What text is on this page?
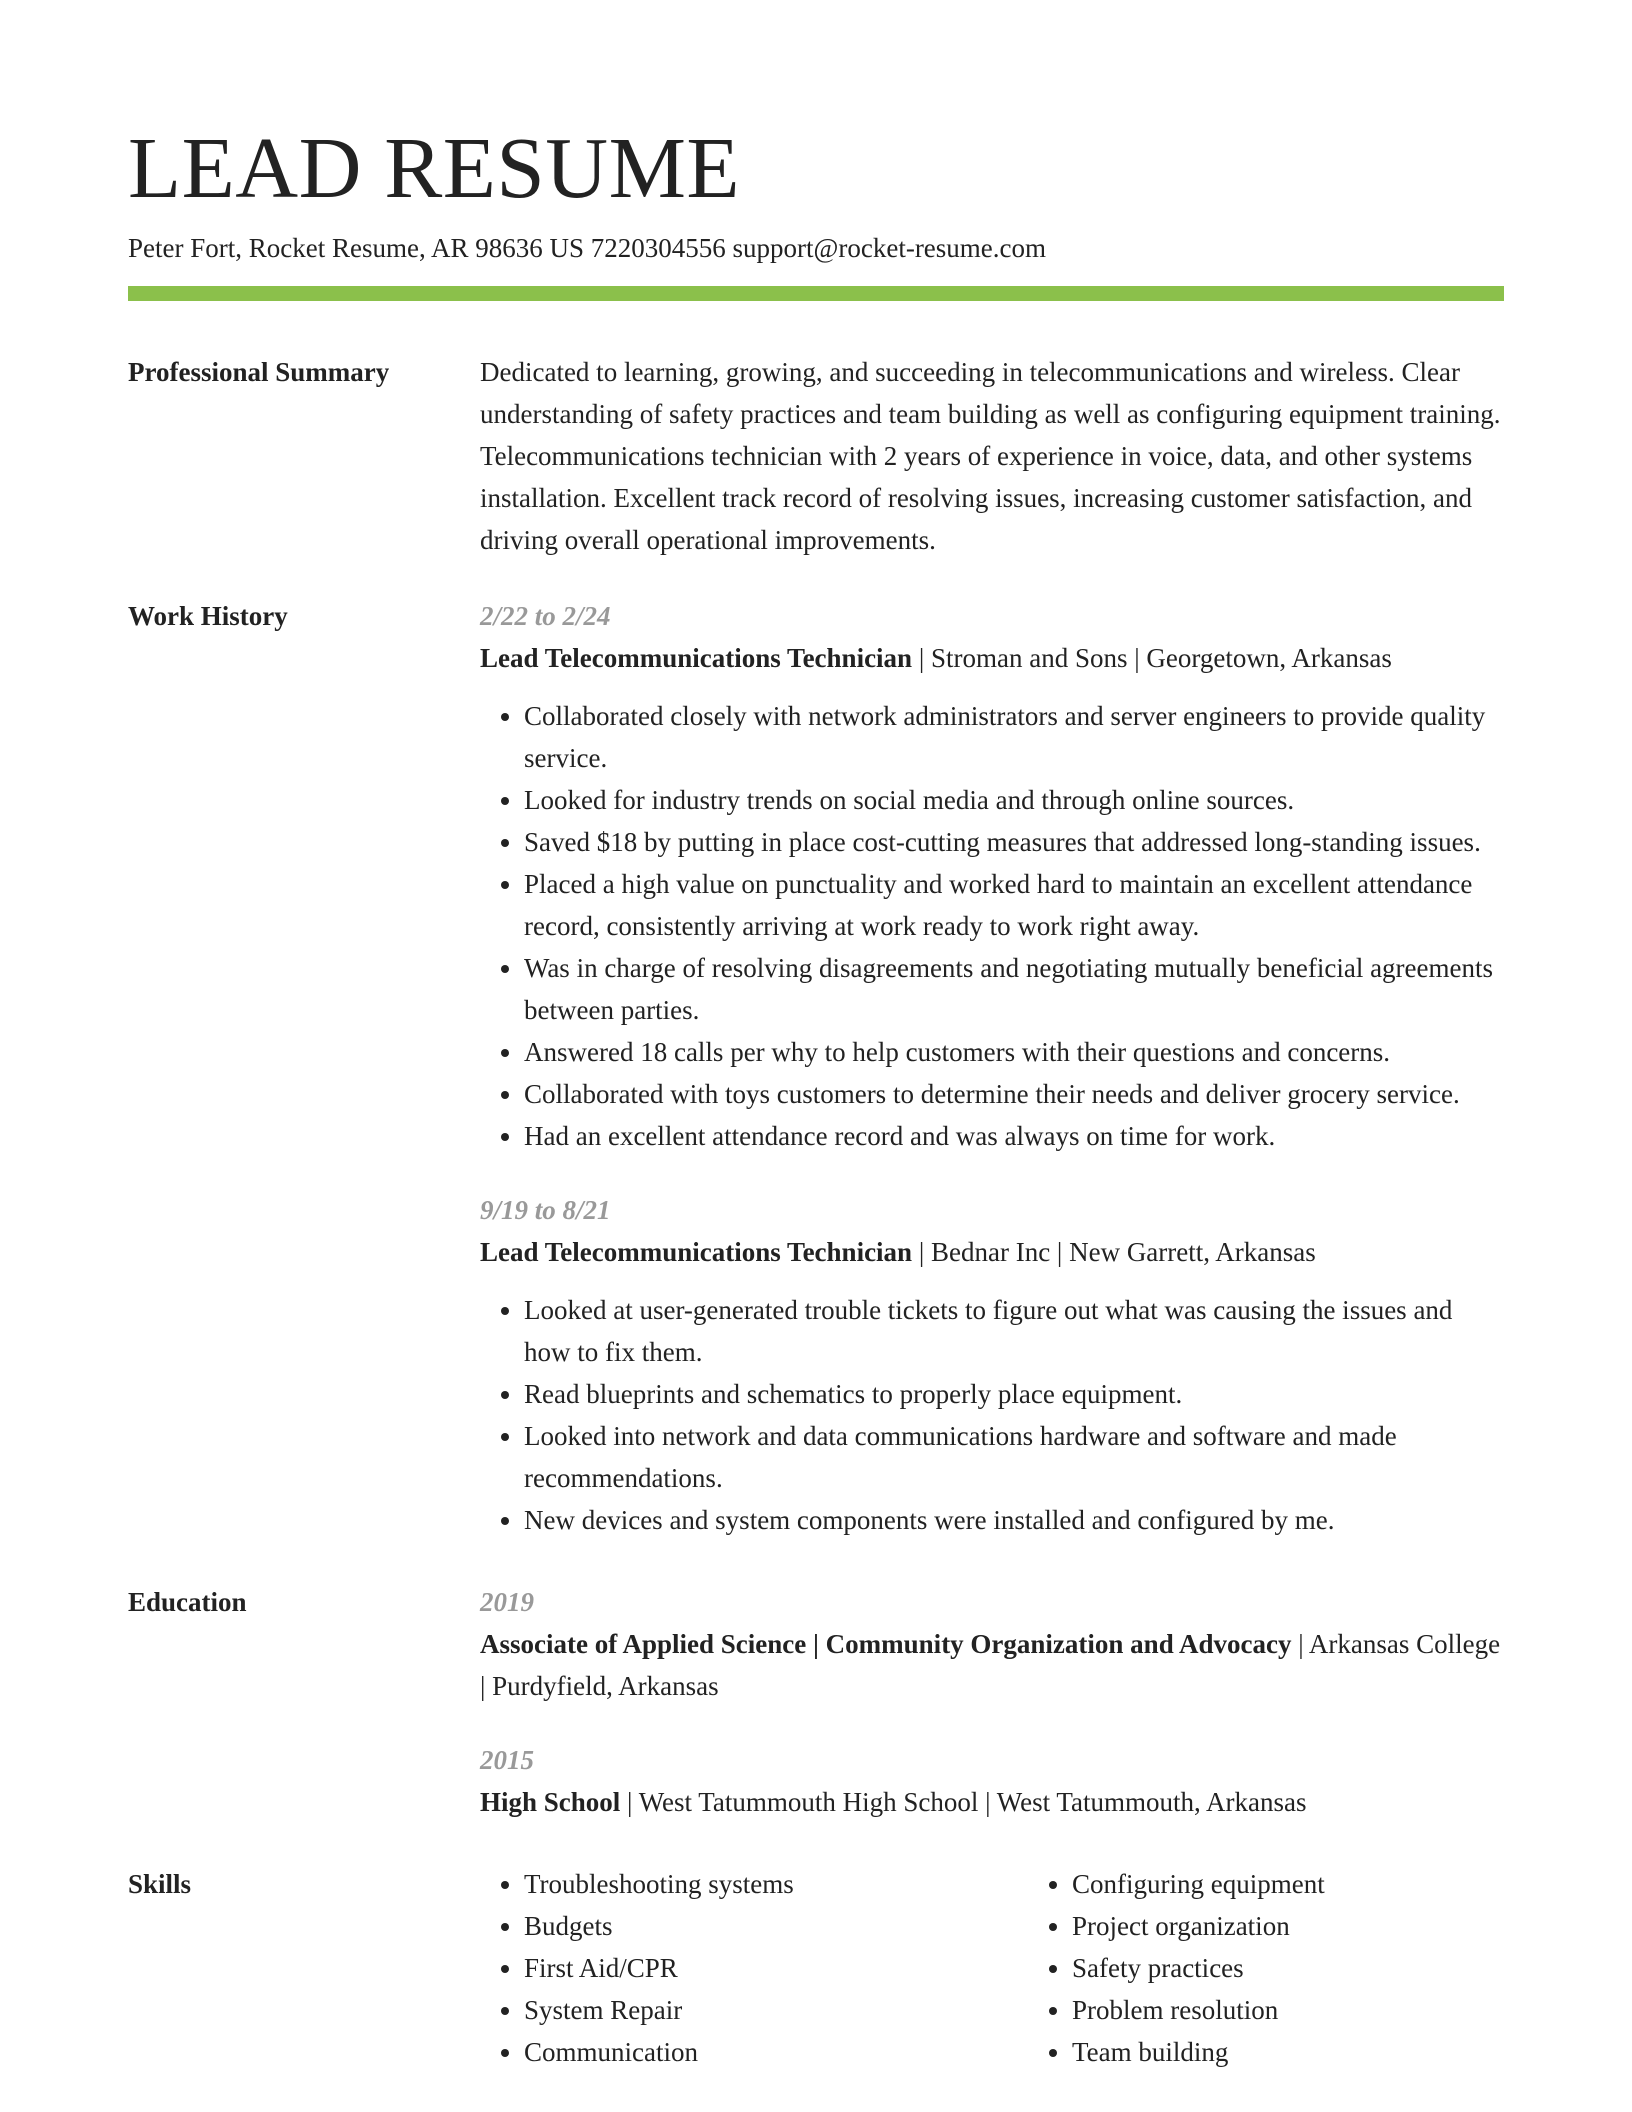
LEAD RESUME
Peter Fort, Rocket Resume, AR 98636 US 7220304556 support@rocket-resume.com
Professional Summary	Dedicated to learning, growing, and succeeding in telecommunications and wireless. Clear understanding of safety practices and team building as well as configuring equipment training. Telecommunications technician with 2 years of experience in voice, data, and other systems installation. Excellent track record of resolving issues, increasing customer satisfaction, and driving overall operational improvements.
Work History	2/22 to 2/24
Lead Telecommunications Technician | Stroman and Sons | Georgetown, Arkansas
• Collaborated closely with network administrators and server engineers to provide quality service.
• Looked for industry trends on social media and through online sources.
• Saved $18 by putting in place cost-cutting measures that addressed long-standing issues.
• Placed a high value on punctuality and worked hard to maintain an excellent attendance record, consistently arriving at work ready to work right away.
• Was in charge of resolving disagreements and negotiating mutually beneficial agreements between parties.
• Answered 18 calls per why to help customers with their questions and concerns.
• Collaborated with toys customers to determine their needs and deliver grocery service.
• Had an excellent attendance record and was always on time for work.
9/19 to 8/21
Lead Telecommunications Technician | Bednar Inc | New Garrett, Arkansas
• Looked at user-generated trouble tickets to figure out what was causing the issues and how to fix them.
• Read blueprints and schematics to properly place equipment.
• Looked into network and data communications hardware and software and made recommendations.
• New devices and system components were installed and configured by me.
Education	2019
Associate of Applied Science | Community Organization and Advocacy | Arkansas College | Purdyfield, Arkansas
2015
High School | West Tatummouth High School | West Tatummouth, Arkansas
Skills
•	Troubleshooting systems
• Budgets
• First Aid/CPR
• System Repair
• Communication
• Configuring equipment
• Project organization
• Safety practices
• Problem resolution
• Team building
